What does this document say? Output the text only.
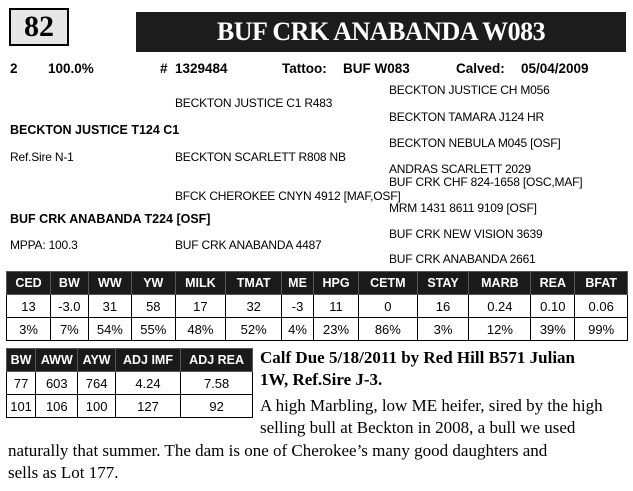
82	BUF CRK ANABANDA W083
2 100.0%	# 1329484	Tattoo: BUF W083	Calved: 05/04/2009
BECKTON JUSTICE CH M056
BECKTON JUSTICE C1 R483
BECKTON TAMARA J124 HR
BECKTON JUSTICE T124 C1
BECKTON NEBULA M045 [OSF]
Ref.Sire N-1	BECKTON SCARLETT R808 NB
ANDRAS SCARLETT 2029
BUF CRK CHF 824-1658 [OSC,MAF]
BFCK CHEROKEE CNYN 4912 [MAF,OSF]
MRM 1431 8611 9109 [OSF]
BUF CRK ANABANDA T224 [OSF]
BUF CRK NEW VISION 3639
MPPA: 100.3	BUF CRK ANABANDA 4487
BUF CRK ANABANDA 2661
CED	BW	WW	YW	MILK	TMAT	ME	HPG	CETM	STAY	MARB	REA	BFAT
13	-3.0	31	58	17	32	-3	11	0	16	0.24	0.10	0.06
3%	7%	54%	55%	48%	52%	4%	23%	86%	3%	12%	39%	99%
BW	AWW	AYW	ADJ IMF	ADJ REA
77	603	764	4.24	7.58
101	106	100	127	92
Calf Due 5/18/2011 by Red Hill B571 Julian
1W, Ref.Sire J-3.
A high Marbling, low ME heifer, sired by the high
selling bull at Beckton in 2008, a bull we used
naturally that summer. The dam is one of Cherokee’s many good daughters and
sells as Lot 177.
